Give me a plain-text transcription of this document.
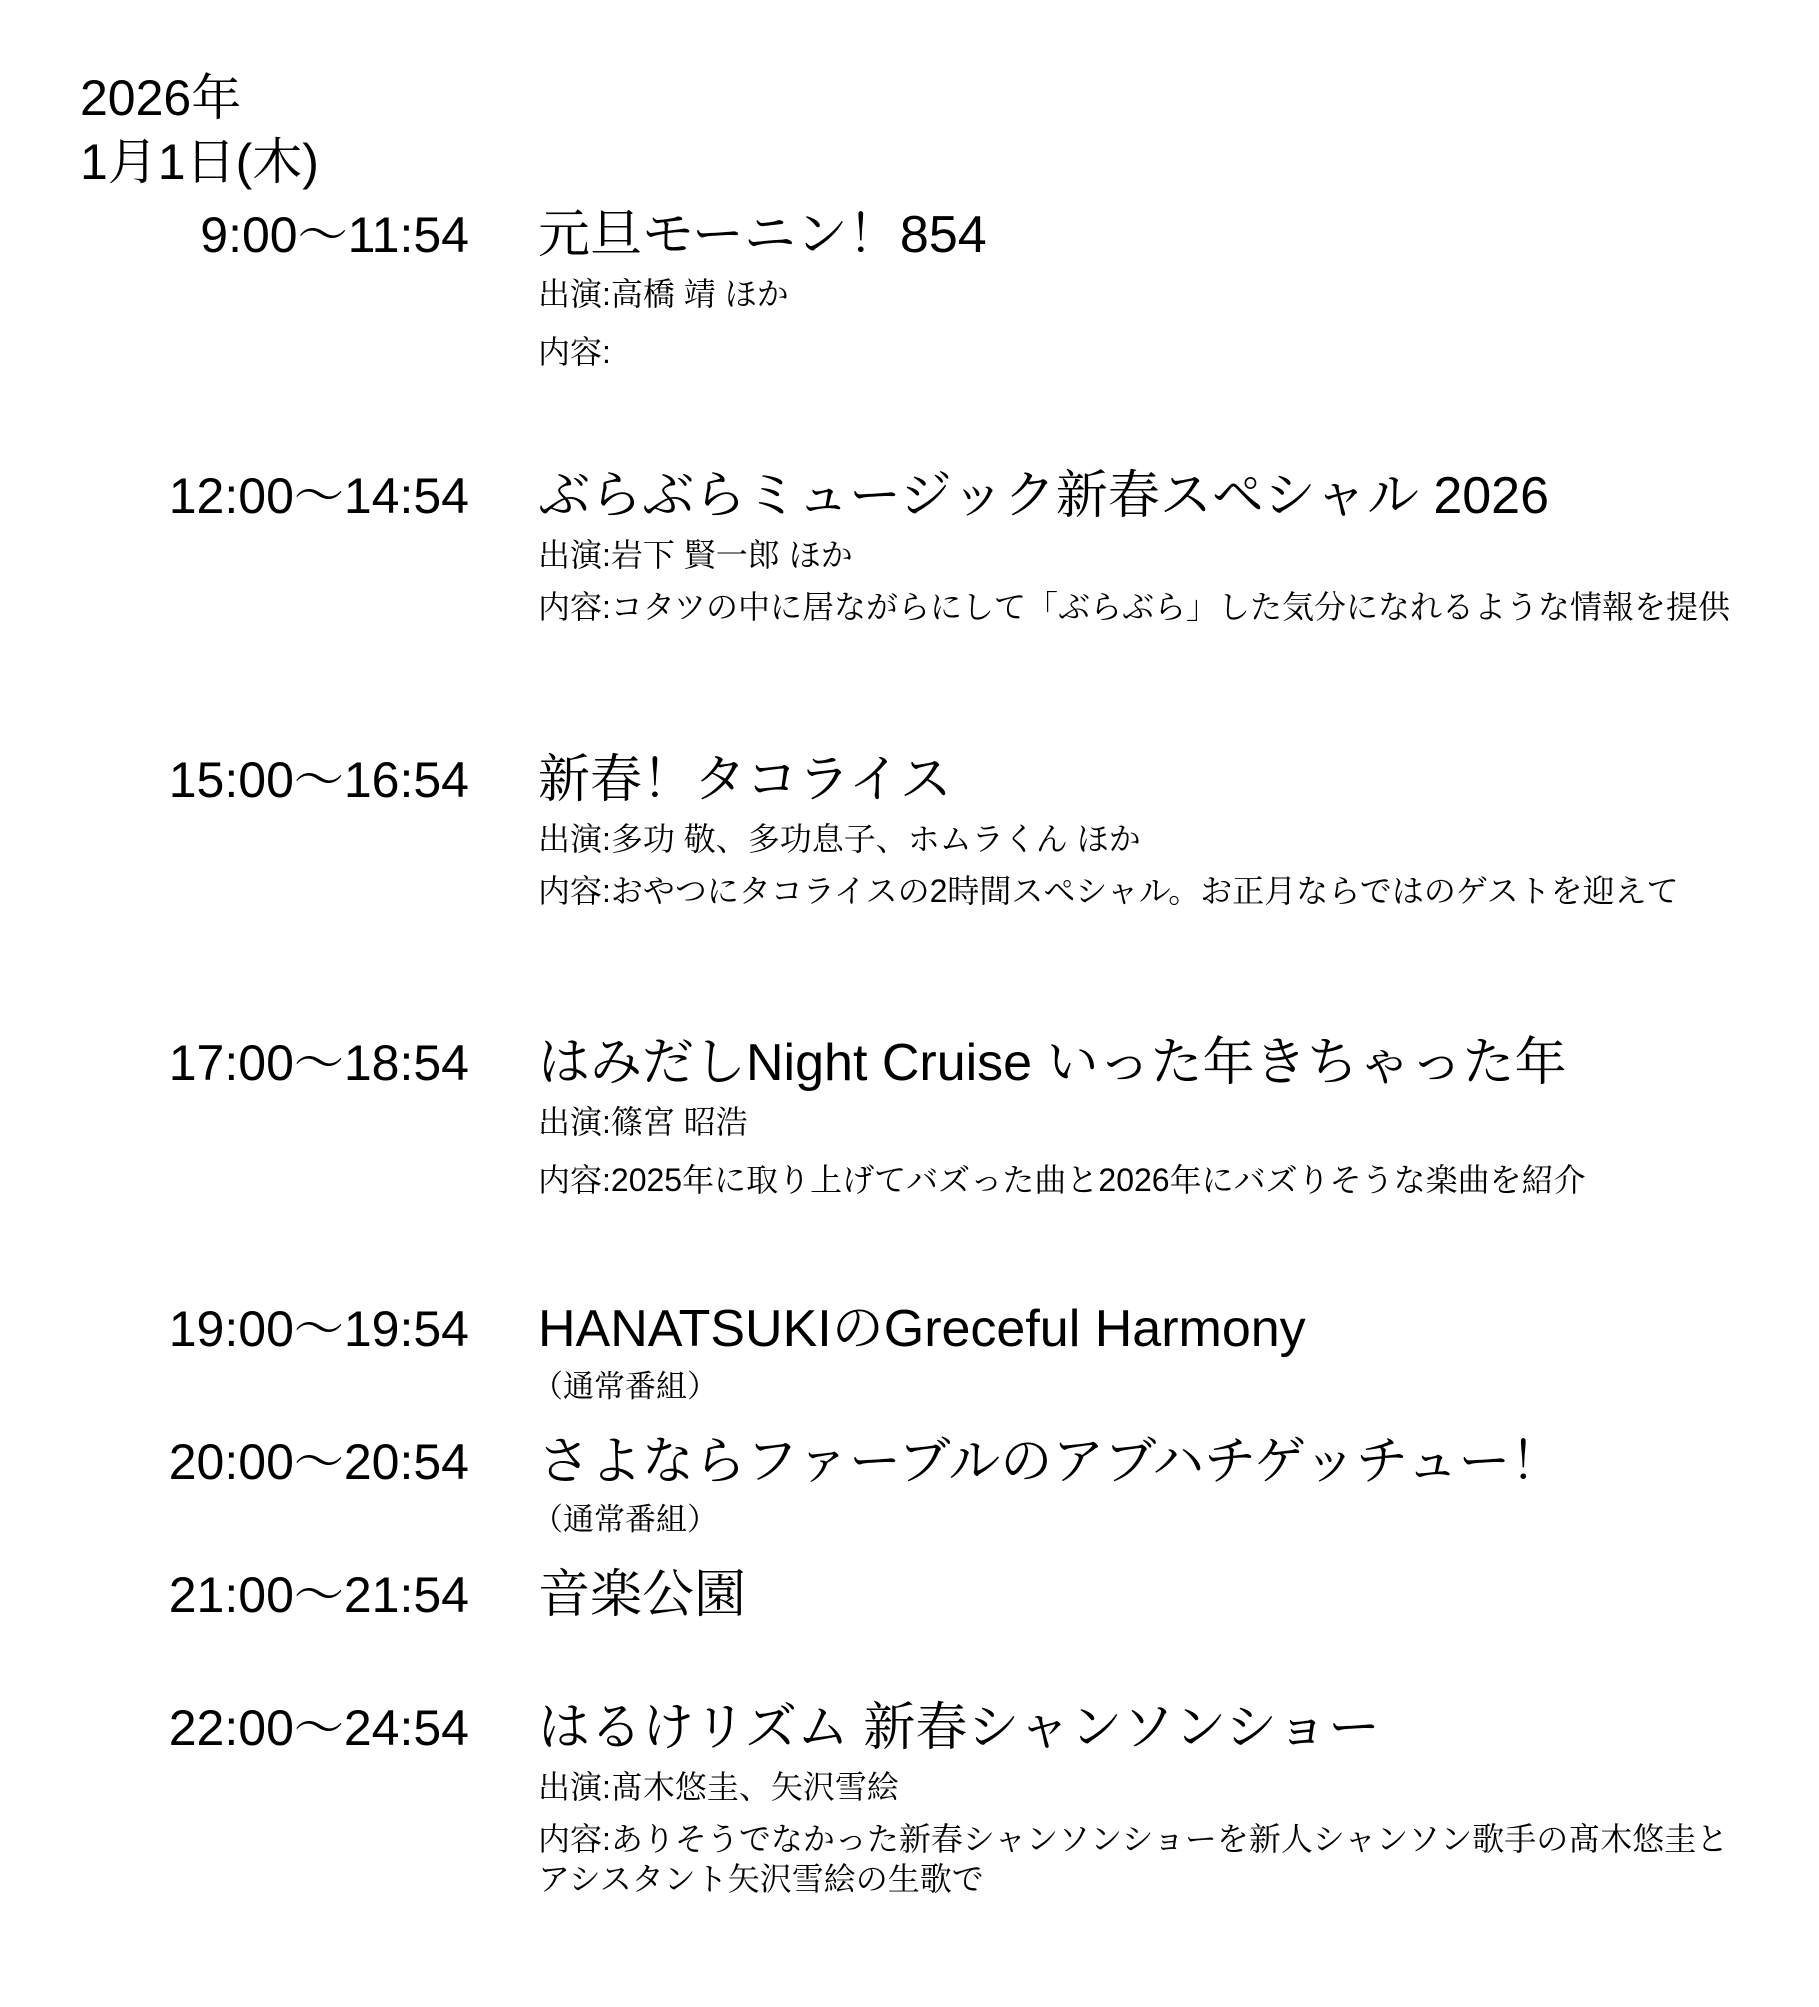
2026年
1月1日(木)
9:00〜11:54 元旦モーニン！854
出演:高橋 靖 ほか
内容:
12:00〜14:54 ぶらぶらミュージック新春スペシャル 2026
出演:岩下 賢一郎 ほか
内容:コタツの中に居ながらにして「ぶらぶら」した気分になれるような情報を提供
15:00〜16:54 新春！タコライス
出演:多功 敬、多功息子、ホムラくん ほか
内容:おやつにタコライスの2時間スペシャル。お正月ならではのゲストを迎えて
17:00〜18:54 はみだしNight Cruise いった年きちゃった年
出演:篠宮 昭浩
内容:2025年に取り上げてバズった曲と2026年にバズりそうな楽曲を紹介
19:00〜19:54 HANATSUKIのGreceful Harmony
（通常番組）
20:00〜20:54 さよならファーブルのアブハチゲッチュー！
（通常番組）
21:00〜21:54 音楽公園
22:00〜24:54 はるけリズム 新春シャンソンショー
出演:髙木悠圭、矢沢雪絵
内容:ありそうでなかった新春シャンソンショーを新人シャンソン歌手の髙木悠圭とアシスタント矢沢雪絵の生歌で
